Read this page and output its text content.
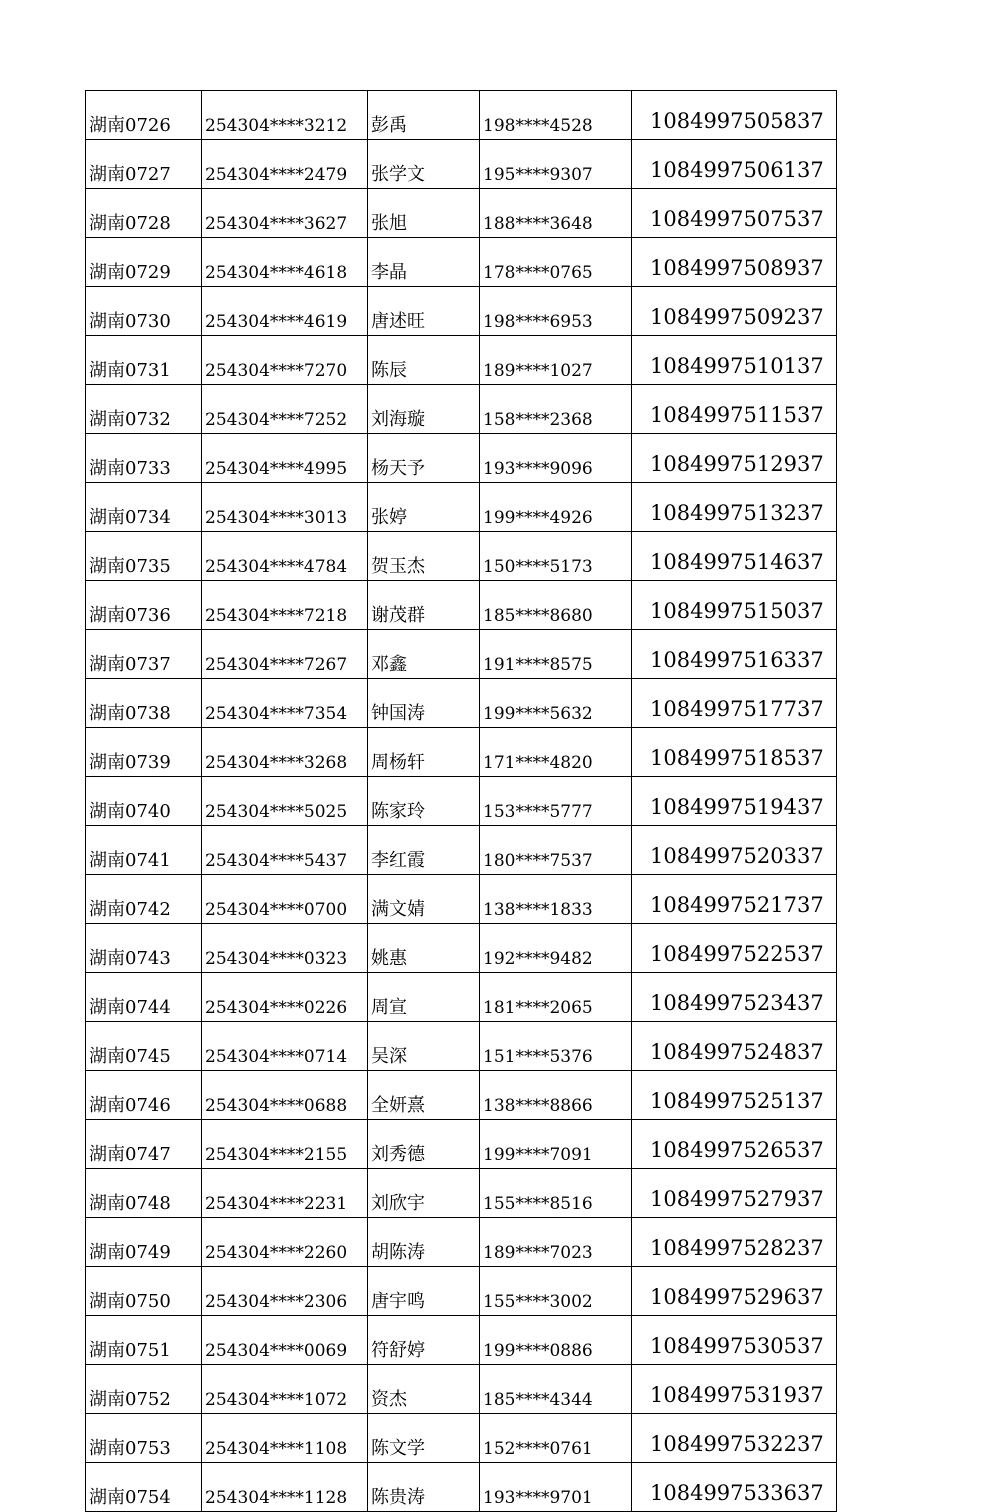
湖南0726	254304****3212	彭禹	198****4528	1084997505837
湖南0727	254304****2479	张学文	195****9307	1084997506137
湖南0728	254304****3627	张旭	188****3648	1084997507537
湖南0729	254304****4618	李晶	178****0765	1084997508937
湖南0730	254304****4619	唐述旺	198****6953	1084997509237
湖南0731	254304****7270	陈辰	189****1027	1084997510137
湖南0732	254304****7252	刘海璇	158****2368	1084997511537
湖南0733	254304****4995	杨天予	193****9096	1084997512937
湖南0734	254304****3013	张婷	199****4926	1084997513237
湖南0735	254304****4784	贺玉杰	150****5173	1084997514637
湖南0736	254304****7218	谢茂群	185****8680	1084997515037
湖南0737	254304****7267	邓鑫	191****8575	1084997516337
湖南0738	254304****7354	钟国涛	199****5632	1084997517737
湖南0739	254304****3268	周杨轩	171****4820	1084997518537
湖南0740	254304****5025	陈家玲	153****5777	1084997519437
湖南0741	254304****5437	李红霞	180****7537	1084997520337
湖南0742	254304****0700	满文婧	138****1833	1084997521737
湖南0743	254304****0323	姚惠	192****9482	1084997522537
湖南0744	254304****0226	周宣	181****2065	1084997523437
湖南0745	254304****0714	吴深	151****5376	1084997524837
湖南0746	254304****0688	全妍熹	138****8866	1084997525137
湖南0747	254304****2155	刘秀德	199****7091	1084997526537
湖南0748	254304****2231	刘欣宇	155****8516	1084997527937
湖南0749	254304****2260	胡陈涛	189****7023	1084997528237
湖南0750	254304****2306	唐宇鸣	155****3002	1084997529637
湖南0751	254304****0069	符舒婷	199****0886	1084997530537
湖南0752	254304****1072	资杰	185****4344	1084997531937
湖南0753	254304****1108	陈文学	152****0761	1084997532237
湖南0754	254304****1128	陈贵涛	193****9701	1084997533637
